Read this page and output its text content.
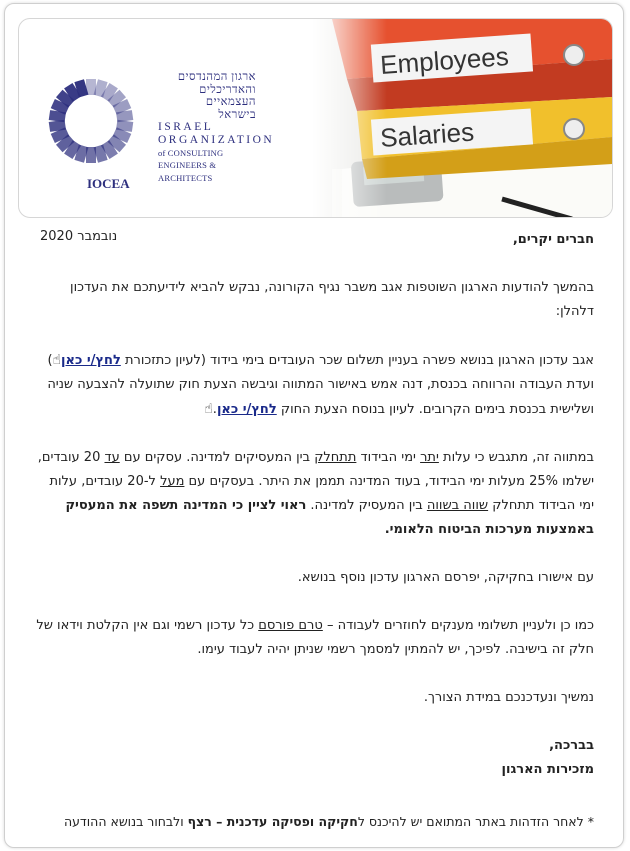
ארגון המהנדסים
והאדריכלים
העצמאיים
בישראל
ISRAEL
ORGANIZATION
of CONSULTING
ENGINEERS & ARCHITECTS
IOCEA
נובמבר 2020	חברים יקרים,

בהמשך להודעות הארגון השוטפות אגב משבר נגיף הקורונה, נבקש להביא לידיעתכם את העדכון דלהלן:

אגב עדכון הארגון בנושא פשרה בעניין תשלום שכר העובדים בימי בידוד (לעיון כתזכורת לחץ/י כאן☝) ועדת העבודה והרווחה בכנסת, דנה אמש באישור המתווה וגיבשה הצעת חוק שתועלה להצבעה שניה ושלישית בכנסת בימים הקרובים. לעיון בנוסח הצעת החוק לחץ/י כאן.☝

במתווה זה, מתגבש כי עלות יתר ימי הבידוד תתחלק בין המעסיקים למדינה. עסקים עם עד 20 עובדים, ישלמו 25% מעלות ימי הבידוד, בעוד המדינה תממן את היתר. בעסקים עם מעל ל-20 עובדים, עלות ימי הבידוד תתחלק שווה בשווה בין המעסיק למדינה. ראוי לציין כי המדינה תשפה את המעסיק באמצעות מערכות הביטוח הלאומי.

עם אישורו בחקיקה, יפרסם הארגון עדכון נוסף בנושא.

כמו כן ולעניין תשלומי מענקים לחוזרים לעבודה – טרם פורסם כל עדכון רשמי וגם אין הקלטת וידאו של חלק זה בישיבה. לפיכך, יש להמתין למסמך רשמי שניתן יהיה לעבוד עימו.

נמשיך ונעדכנכם במידת הצורך.

בברכה,

מזכירות הארגון

* לאחר הזדהות באתר המתואם יש להיכנס לחקיקה ופסיקה עדכנית – רצף ולבחור בנושא ההודעה
